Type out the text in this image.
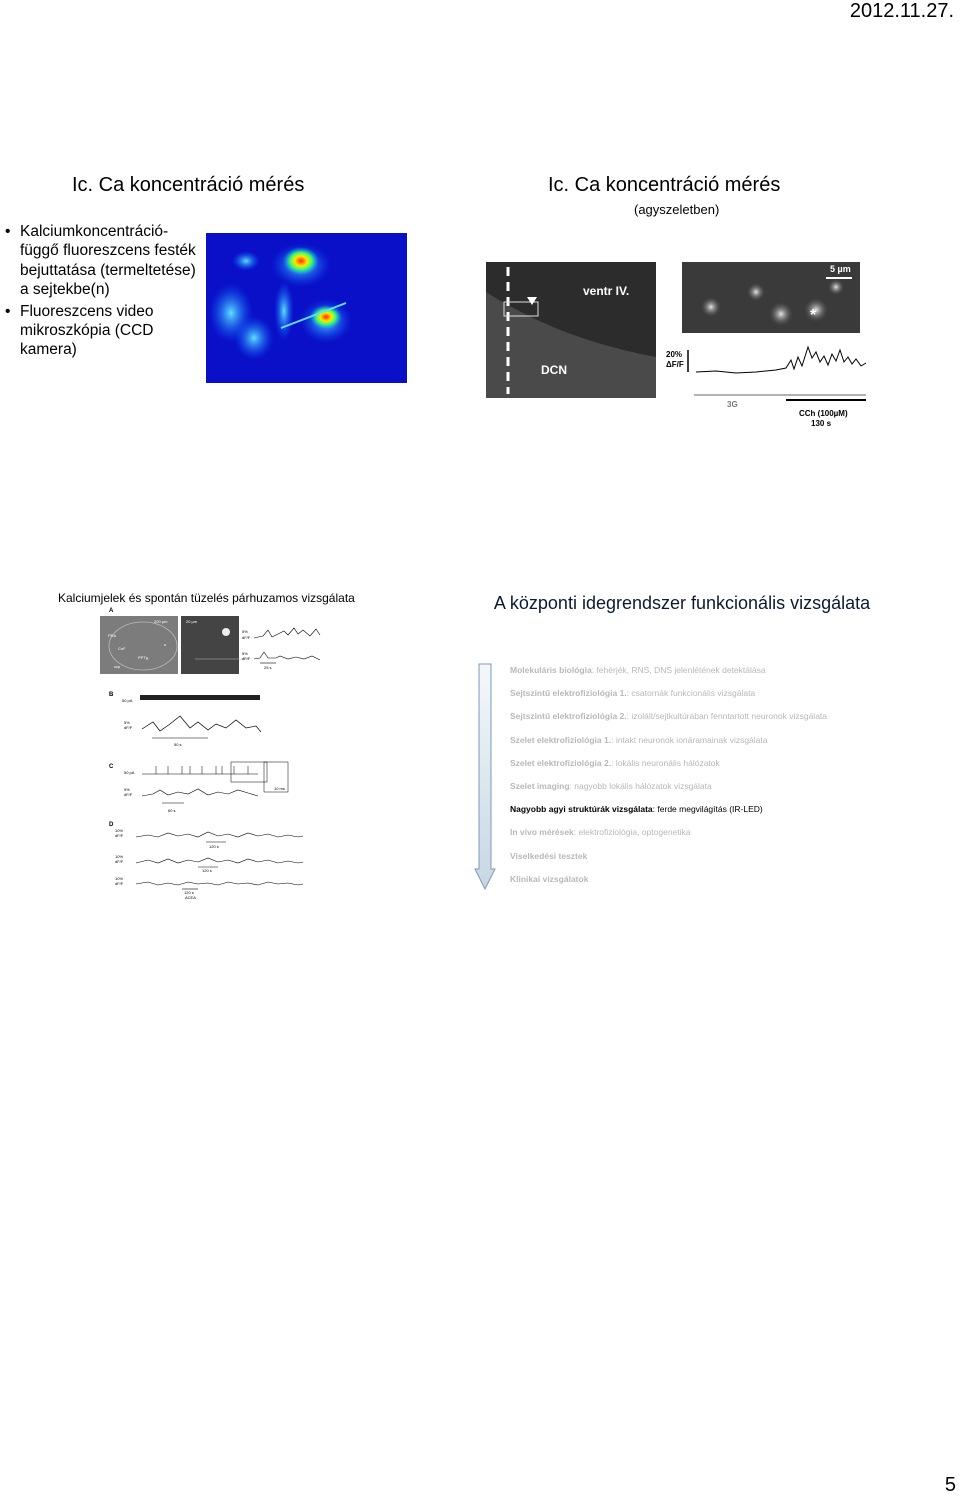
2012.11.27.
Ic. Ca koncentráció mérés
• Kalciumkoncentráció-függő fluoreszcens festék bejuttatása (termeltetése) a sejtekbe(n)
• Fluoreszcens video mikroszkópia (CCD kamera)
Ic. Ca koncentráció mérés
(agyszeletben)
ventr IV.
DCN
5 µm
*
20%
ΔF/F
3G
CCh (100µM)
130 s
Kalciumjelek és spontán tüzelés párhuzamos vizsgálata
A
200 µm
PRA
PPTg
scp
s
CnF
20 µm
5%
dF/F
5%
dF/F
25 s
B
50 pA
5%
dF/F
50 s
C
50 pA
10 ms
5%
dF/F
60 s
D
10%
dF/F
120 s
10%
dF/F
120 s
10%
dF/F
120 s
ACEA
A központi idegrendszer funkcionális vizsgálata
Molekuláris biológia: fehérjék, RNS, DNS jelenlétének detektálása
Sejtszintű elektrofiziológia 1.: csatornák funkcionális vizsgálata
Sejtszintű elektrofiziológia 2.: izolált/sejtkultúrában fenntartott neuronok vizsgálata
Szelet elektrofiziológia 1.: intakt neuronok ionáramainak vizsgálata
Szelet elektrofiziológia 2.: lokális neuronális hálózatok
Szelet imaging: nagyobb lokális hálózatok vizsgálata
Nagyobb agyi struktúrák vizsgálata: ferde megvilágítás (IR-LED)
In vivo mérések: elektrofiziológia, optogenetika
Viselkedési tesztek
Klinikai vizsgálatok
5
